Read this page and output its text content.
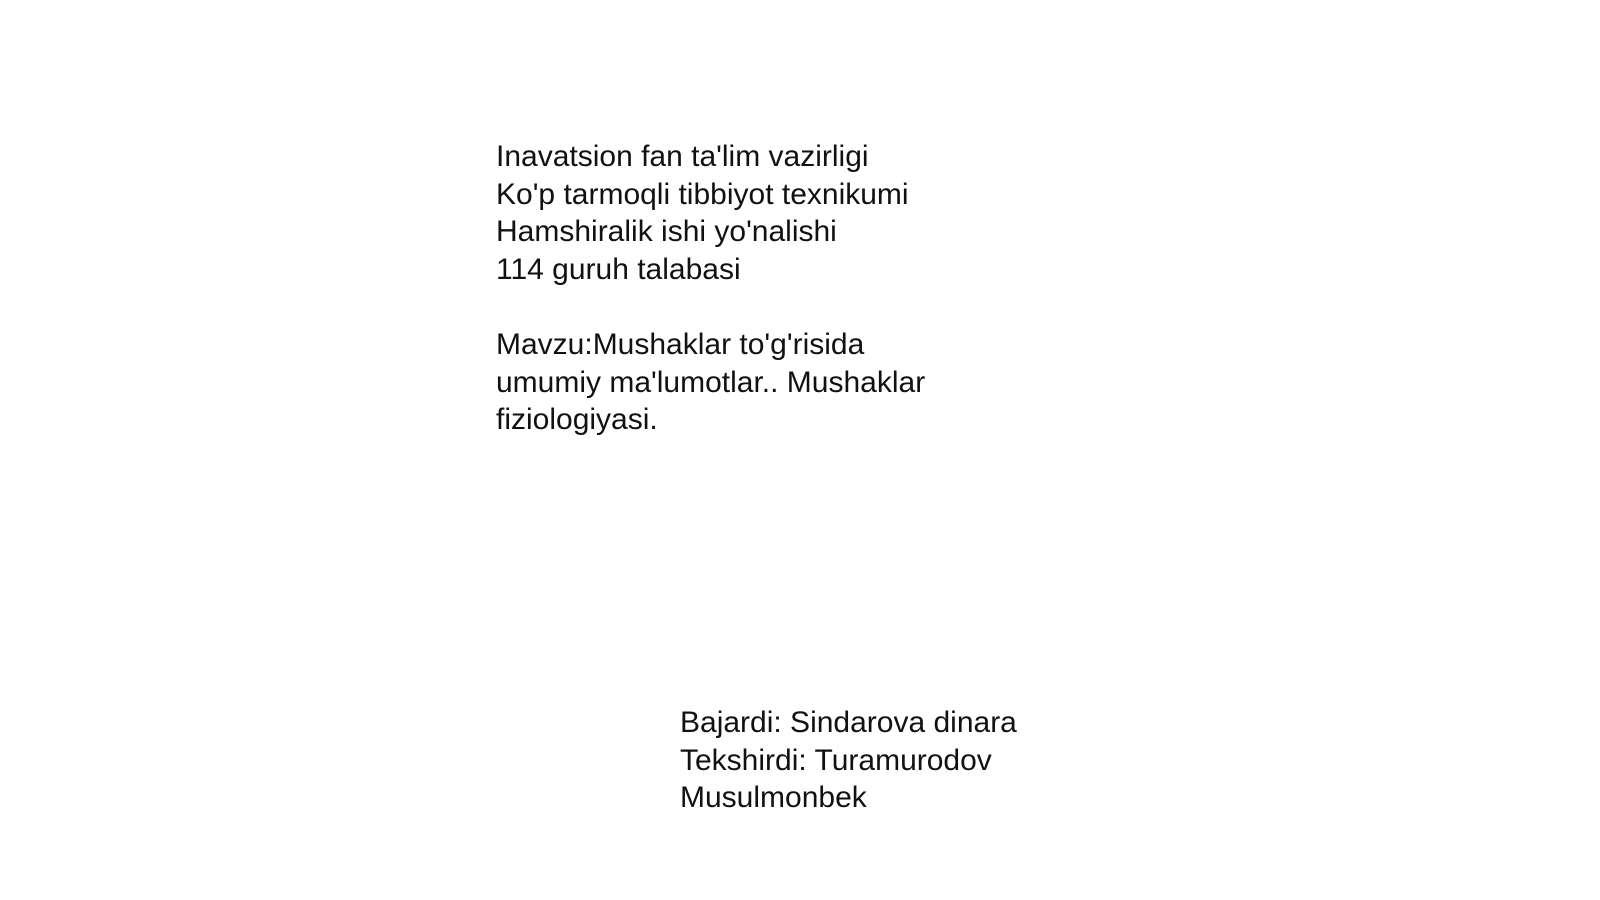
Inavatsion fan ta'lim vazirligi
Ko'p tarmoqli tibbiyot texnikumi
Hamshiralik ishi yo'nalishi
114 guruh talabasi
Mavzu:Mushaklar to'g'risida
umumiy ma'lumotlar.. Mushaklar
fiziologiyasi.
Bajardi: Sindarova dinara
Tekshirdi: Turamurodov
Musulmonbek
